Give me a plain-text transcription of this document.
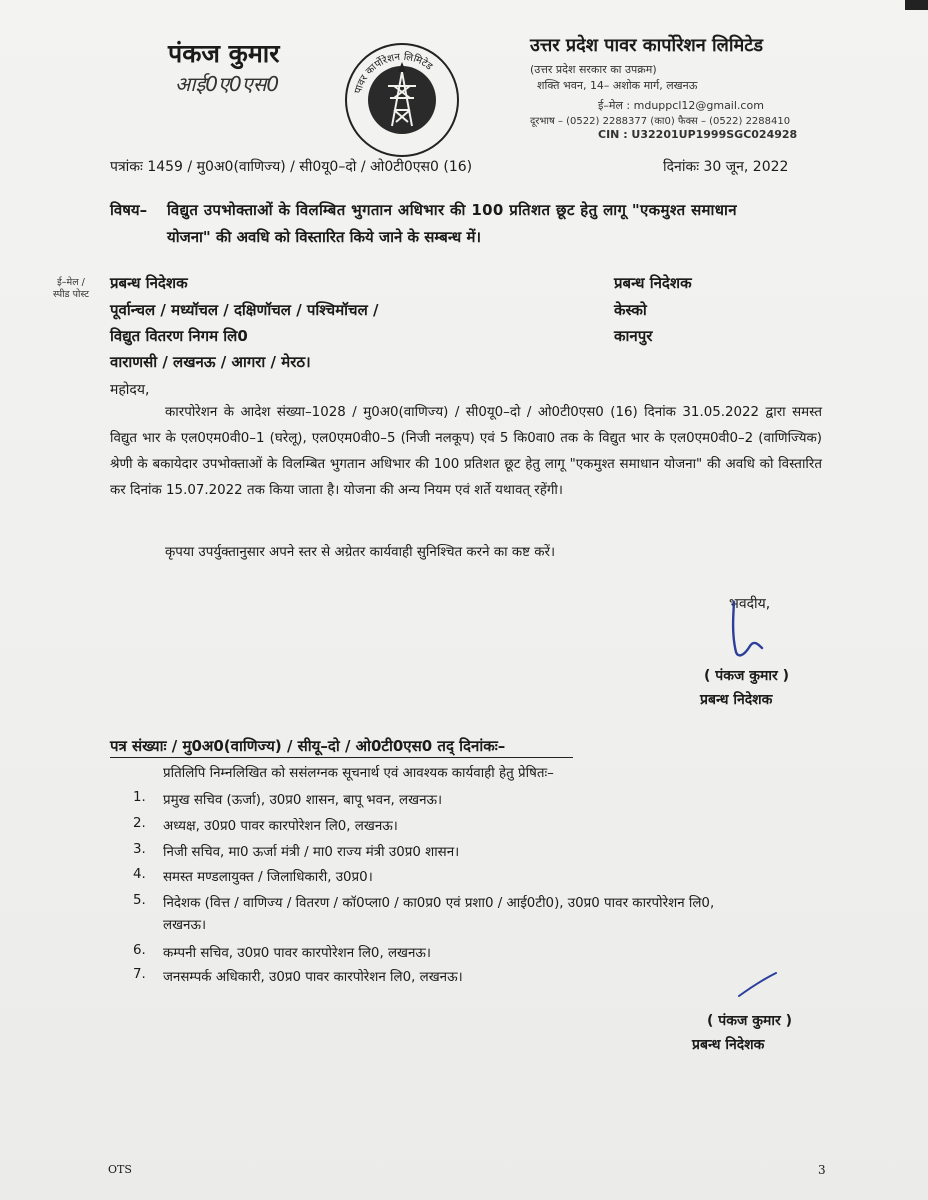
पंकज कुमार
आई0ए0एस0	पावर कार्पोरेशन लिमिटेड
उत्तर प्रदेश पावर कार्पोरेशन लिमिटेड
(उत्तर प्रदेश सरकार का उपक्रम)
शक्ति भवन, 14– अशोक मार्ग, लखनऊ
ई–मेल : mduppcl12@gmail.com
दूरभाष – (0522) 2288377 (का0) फैक्स – (0522) 2288410
CIN : U32201UP1999SGC024928
पत्रांकः 1459 / मु0अ0(वाणिज्य) / सी0यू0–दो / ओ0टी0एस0 (16)	दिनांकः 30 जून, 2022
विषय– विद्युत उपभोक्ताओं के विलम्बित भुगतान अधिभार की 100 प्रतिशत छूट हेतु लागू "एकमुश्त समाधान
योजना" की अवधि को विस्तारित किये जाने के सम्बन्ध में।
ई–मेल / स्पीड पोस्ट
प्रबन्ध निदेशक
पूर्वान्चल / मध्यॉचल / दक्षिणॉचल / पश्चिमॉचल /
विद्युत वितरण निगम लि0
वाराणसी / लखनऊ / आगरा / मेरठ।
प्रबन्ध निदेशक
केस्को
कानपुर
महोदय,
कारपोरेशन के आदेश संख्या–1028 / मु0अ0(वाणिज्य) / सी0यू0–दो / ओ0टी0एस0 (16) दिनांक 31.05.2022 द्वारा समस्त विद्युत भार के एल0एम0वी0–1 (घरेलू), एल0एम0वी0–5 (निजी नलकूप) एवं 5 कि0वा0 तक के विद्युत भार के एल0एम0वी0–2 (वाणिज्यिक) श्रेणी के बकायेदार उपभोक्ताओं के विलम्बित भुगतान अधिभार की 100 प्रतिशत छूट हेतु लागू "एकमुश्त समाधान योजना" की अवधि को विस्तारित कर दिनांक 15.07.2022 तक किया जाता है। योजना की अन्य नियम एवं शर्ते यथावत् रहेंगी।
कृपया उपर्युक्तानुसार अपने स्तर से अग्रेतर कार्यवाही सुनिश्चित करने का कष्ट करें।
भवदीय,
( पंकज कुमार )
प्रबन्ध निदेशक
पत्र संख्याः / मु0अ0(वाणिज्य) / सीयू–दो / ओ0टी0एस0 तद् दिनांकः–
प्रतिलिपि निम्नलिखित को ससंलग्नक सूचनार्थ एवं आवश्यक कार्यवाही हेतु प्रेषितः–
1. प्रमुख सचिव (ऊर्जा), उ0प्र0 शासन, बापू भवन, लखनऊ।
2. अध्यक्ष, उ0प्र0 पावर कारपोरेशन लि0, लखनऊ।
3. निजी सचिव, मा0 ऊर्जा मंत्री / मा0 राज्य मंत्री उ0प्र0 शासन।
4. समस्त मण्डलायुक्त / जिलाधिकारी, उ0प्र0।
5. निदेशक (वित्त / वाणिज्य / वितरण / कॉ0प्ला0 / का0प्र0 एवं प्रशा0 / आई0टी0), उ0प्र0 पावर कारपोरेशन लि0,
लखनऊ।
6. कम्पनी सचिव, उ0प्र0 पावर कारपोरेशन लि0, लखनऊ।
7. जनसम्पर्क अधिकारी, उ0प्र0 पावर कारपोरेशन लि0, लखनऊ।
( पंकज कुमार )
प्रबन्ध निदेशक
OTS	3
